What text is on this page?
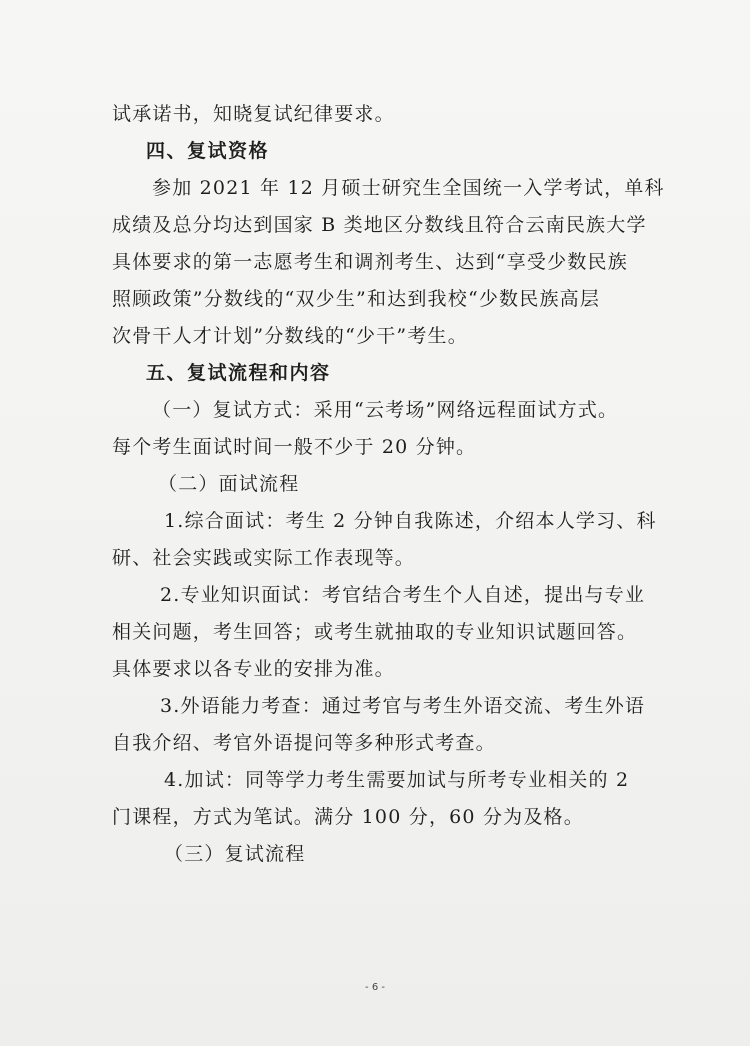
试承诺书，知晓复试纪律要求。
四、复试资格
参加 2021 年 12 月硕士研究生全国统一入学考试，单科
成绩及总分均达到国家 B 类地区分数线且符合云南民族大学
具体要求的第一志愿考生和调剂考生、达到“享受少数民族
照顾政策”分数线的“双少生”和达到我校“少数民族高层
次骨干人才计划”分数线的“少干”考生。
五、复试流程和内容
（一）复试方式：采用“云考场”网络远程面试方式。
每个考生面试时间一般不少于 20 分钟。
（二）面试流程
1.综合面试：考生 2 分钟自我陈述，介绍本人学习、科
研、社会实践或实际工作表现等。
2.专业知识面试：考官结合考生个人自述，提出与专业
相关问题，考生回答；或考生就抽取的专业知识试题回答。
具体要求以各专业的安排为准。
3.外语能力考查：通过考官与考生外语交流、考生外语
自我介绍、考官外语提问等多种形式考查。
4.加试：同等学力考生需要加试与所考专业相关的 2
门课程，方式为笔试。满分 100 分，60 分为及格。
（三）复试流程
- 6 -
